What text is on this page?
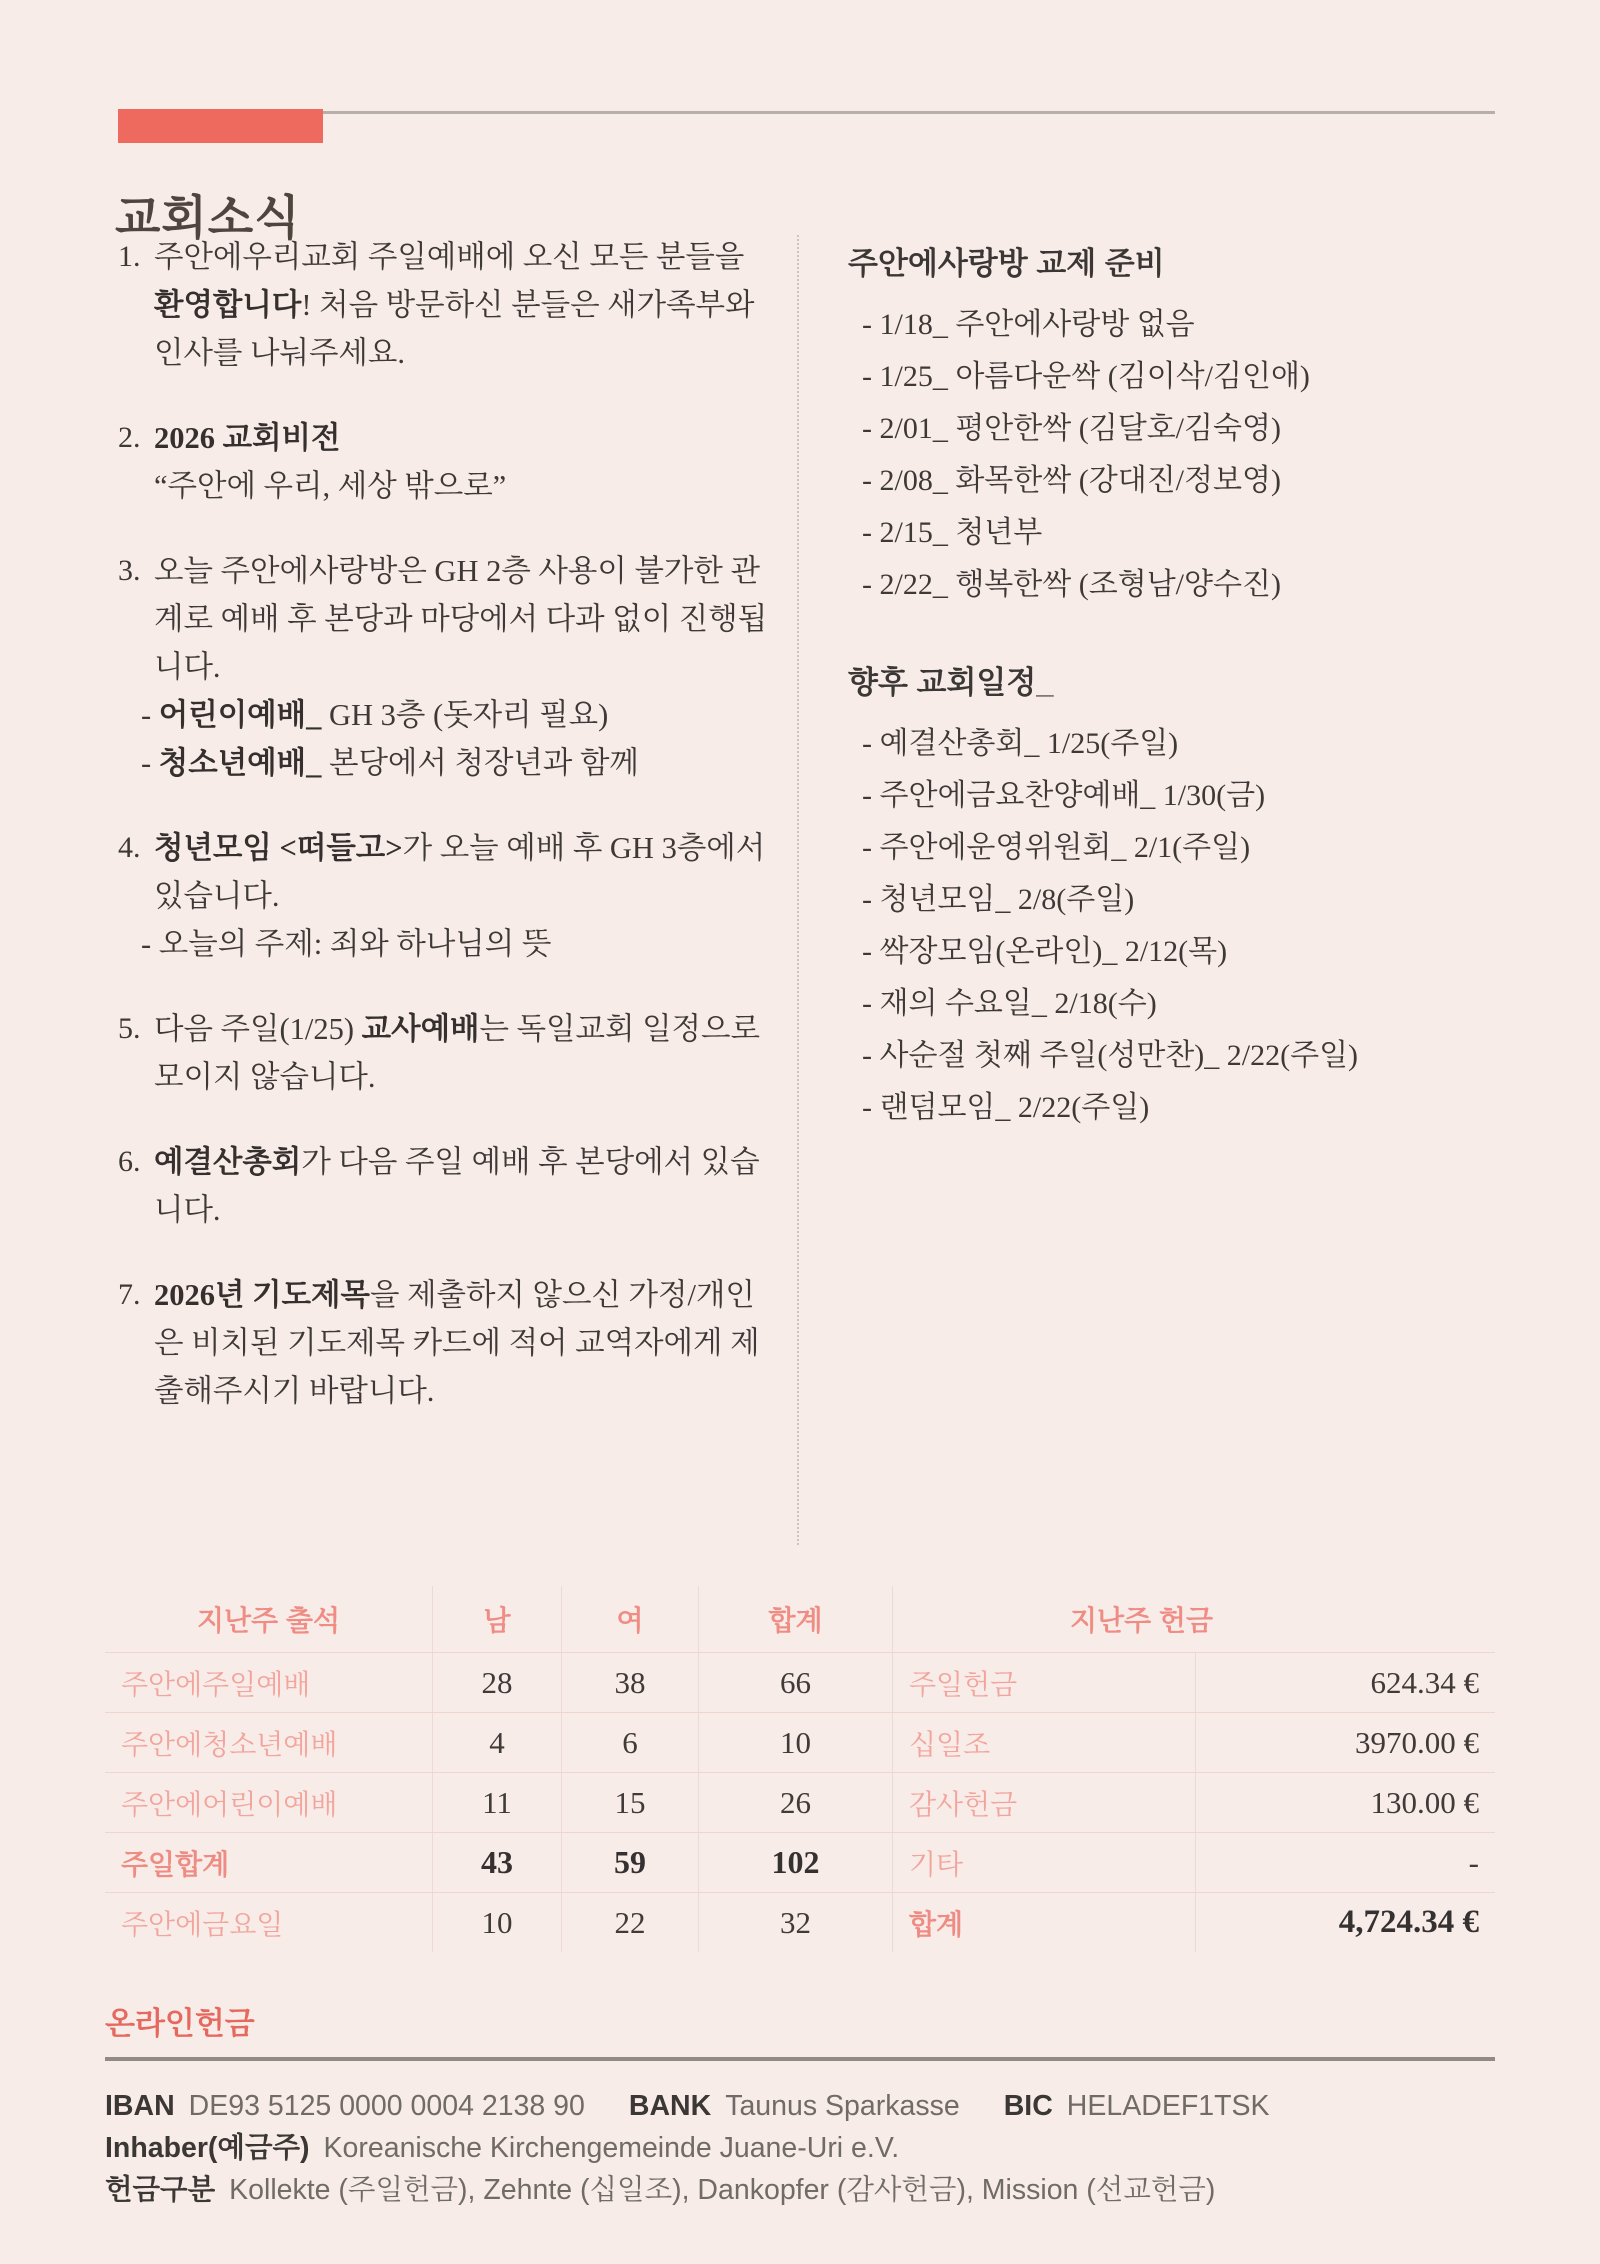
교회소식
1. 주안에우리교회 주일예배에 오신 모든 분들을 환영합니다! 처음 방문하신 분들은 새가족부와 인사를 나눠주세요.

2. 2026 교회비전

“주안에 우리, 세상 밖으로”

3. 오늘 주안에사랑방은 GH 2층 사용이 불가한 관계로 예배 후 본당과 마당에서 다과 없이 진행됩니다.

- 어린이예배_ GH 3층 (돗자리 필요)

- 청소년예배_ 본당에서 청장년과 함께

4. 청년모임 <떠들고>가 오늘 예배 후 GH 3층에서 있습니다.

- 오늘의 주제: 죄와 하나님의 뜻

5. 다음 주일(1/25) 교사예배는 독일교회 일정으로 모이지 않습니다.

6. 예결산총회가 다음 주일 예배 후 본당에서 있습니다.

7. 2026년 기도제목을 제출하지 않으신 가정/개인은 비치된 기도제목 카드에 적어 교역자에게 제출해주시기 바랍니다.

주안에사랑방 교제 준비

- 1/18_ 주안에사랑방 없음

- 1/25_ 아름다운싹 (김이삭/김인애)

- 2/01_ 평안한싹 (김달호/김숙영)

- 2/08_ 화목한싹 (강대진/정보영)

- 2/15_ 청년부

- 2/22_ 행복한싹 (조형남/양수진)

향후 교회일정_

- 예결산총회_ 1/25(주일)

- 주안에금요찬양예배_ 1/30(금)

- 주안에운영위원회_ 2/1(주일)

- 청년모임_ 2/8(주일)

- 싹장모임(온라인)_ 2/12(목)

- 재의 수요일_ 2/18(수)

- 사순절 첫째 주일(성만찬)_ 2/22(주일)

- 랜덤모임_ 2/22(주일)

지난주 출석	남	여	합계	지난주 헌금
주안에주일예배	28	38	66	주일헌금	624.34 €
주안에청소년예배	4	6	10	십일조	3970.00 €
주안에어린이예배	11	15	26	감사헌금	130.00 €
주일합계	43	59	102	기타	-
주안에금요일	10	22	32	합계	4,724.34 €
온라인헌금
IBAN DE93 5125 0000 0004 2138 90 BANK Taunus Sparkasse BIC HELADEF1TSK
Inhaber(예금주) Koreanische Kirchengemeinde Juane-Uri e.V.
헌금구분 Kollekte (주일헌금), Zehnte (십일조), Dankopfer (감사헌금), Mission (선교헌금)
